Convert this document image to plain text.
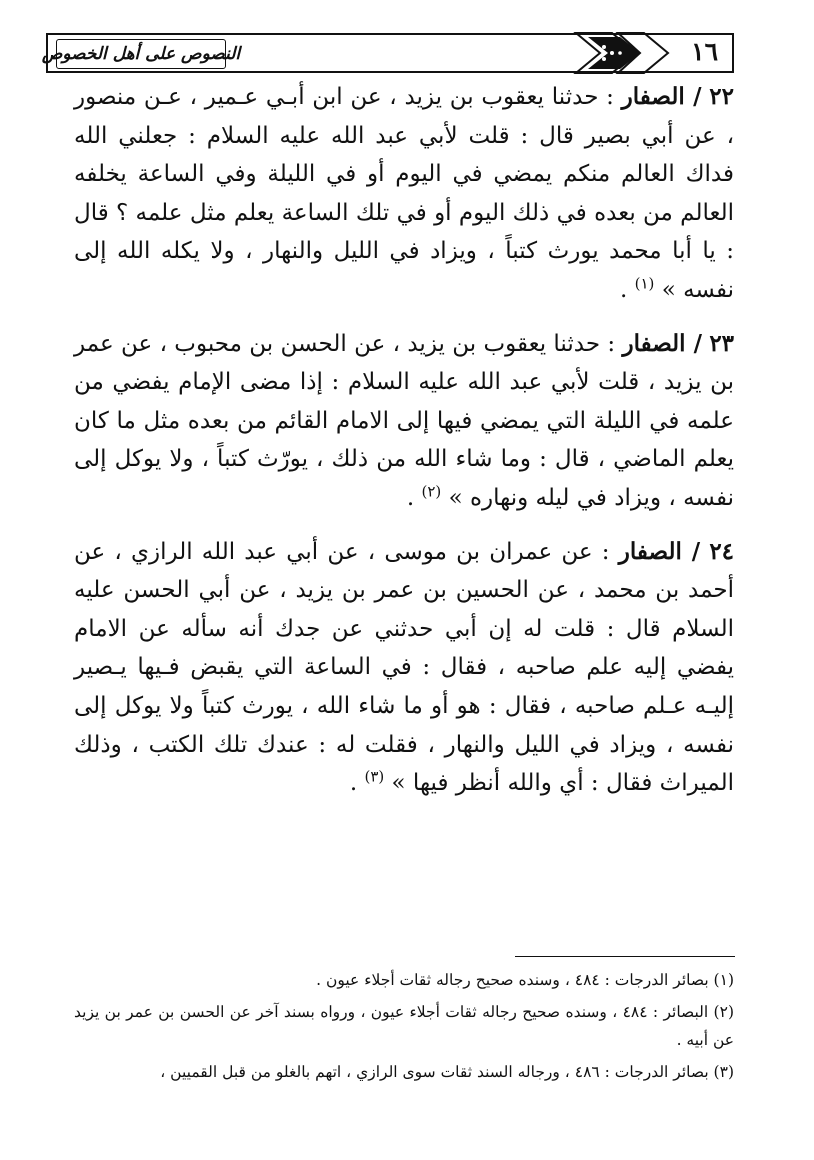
١٦
النصوص على أهل الخصوص

٢٢ / الصفار : حدثنا يعقوب بن يزيد ، عن ابن أبـي عـمير ، عـن منصور ، عن أبي بصير قال : قلت لأبي عبد الله عليه السلام : جعلني الله فداك العالم منكم يمضي في اليوم أو في الليلة وفي الساعة يخلفه العالم من بعده في ذلك اليوم أو في تلك الساعة يعلم مثل علمه ؟ قال : يا أبا محمد يورث كتباً ، ويزاد في الليل والنهار ، ولا يكله الله إلى نفسه » $^{(١)}$ .

٢٣ / الصفار : حدثنا يعقوب بن يزيد ، عن الحسن بن محبوب ، عن عمر بن يزيد ، قلت لأبي عبد الله عليه السلام : إذا مضى الإمام يفضي من علمه في الليلة التي يمضي فيها إلى الامام القائم من بعده مثل ما كان يعلم الماضي ، قال : وما شاء الله من ذلك ، يورّث كتباً ، ولا يوكل إلى نفسه ، ويزاد في ليله ونهاره » $^{(٢)}$ .

٢٤ / الصفار : عن عمران بن موسى ، عن أبي عبد الله الرازي ، عن أحمد بن محمد ، عن الحسين بن عمر بن يزيد ، عن أبي الحسن عليه السلام قال : قلت له إن أبي حدثني عن جدك أنه سأله عن الامام يفضي إليه علم صاحبه ، فقال : في الساعة التي يقبض فـيها يـصير إليـه عـلم صاحبه ، فقال : هو أو ما شاء الله ، يورث كتباً ولا يوكل إلى نفسه ، ويزاد في الليل والنهار ، فقلت له : عندك تلك الكتب ، وذلك الميراث فقال : أي والله أنظر فيها » $^{(٣)}$ .

(١) بصائر الدرجات : ٤٨٤ ، وسنده صحيح رجاله ثقات أجلاء عيون .

(٢) البصائر : ٤٨٤ ، وسنده صحيح رجاله ثقات أجلاء عيون ، ورواه بسند آخر عن الحسن بن عمر بن يزيد عن أبيه .

(٣) بصائر الدرجات : ٤٨٦ ، ورجاله السند ثقات سوى الرازي ، اتهم بالغلو من قبل القميين ،
